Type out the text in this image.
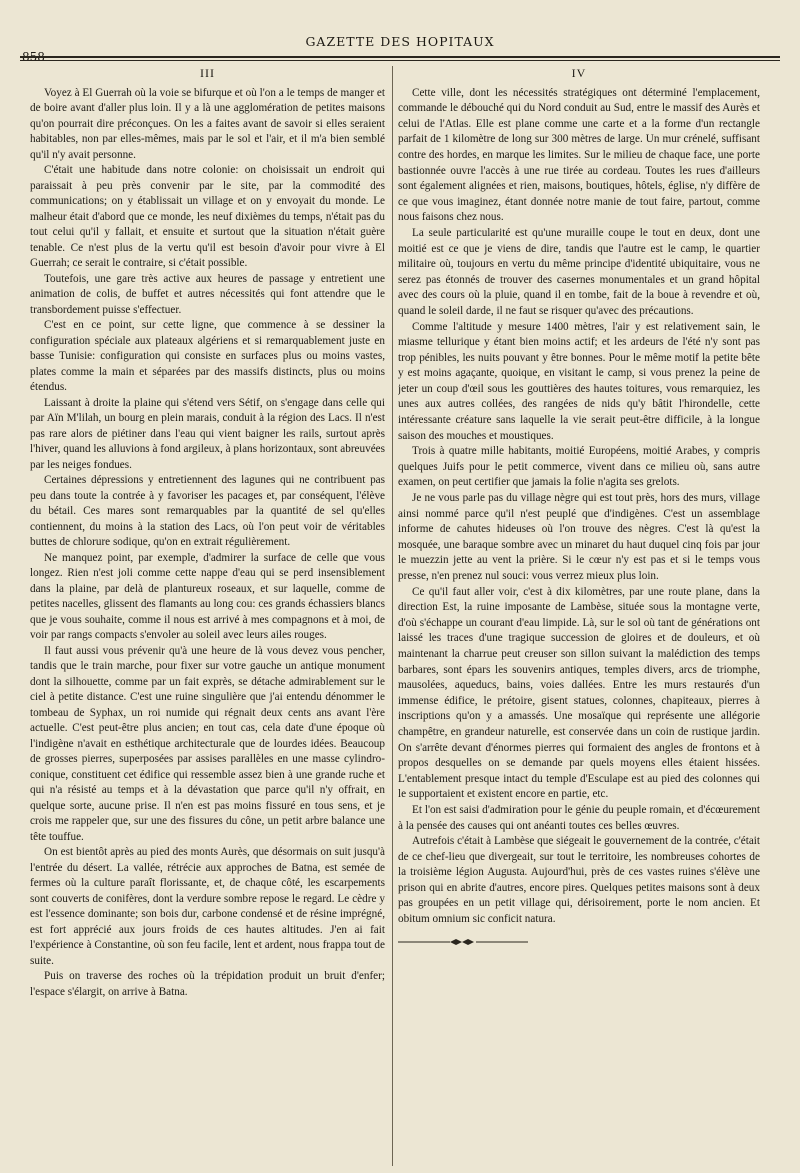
GAZETTE DES HOPITAUX
III

Voyez à El Guerrah où la voie se bifurque et où l'on a le temps de manger et de boire avant d'aller plus loin. Il y a là une agglomération de petites maisons qu'on pourrait dire préconçues. On les a faites avant de savoir si elles seraient habitables, non par elles-mêmes, mais par le sol et l'air, et il m'a bien semblé qu'il n'y avait personne.

C'était une habitude dans notre colonie: on choisissait un endroit qui paraissait à peu près convenir par le site, par la commodité des communications; on y établissait un village et on y envoyait du monde. Le malheur était d'abord que ce monde, les neuf dixièmes du temps, n'était pas du tout celui qu'il y fallait, et ensuite et surtout que la situation n'était guère tenable. Ce n'est plus de la vertu qu'il est besoin d'avoir pour vivre à El Guerrah; ce serait le contraire, si c'était possible.

Toutefois, une gare très active aux heures de passage y entretient une animation de colis, de buffet et autres nécessités qui font attendre que le transbordement puisse s'effectuer.

C'est en ce point, sur cette ligne, que commence à se dessiner la configuration spéciale aux plateaux algériens et si remarquablement juste en basse Tunisie: configuration qui consiste en surfaces plus ou moins vastes, plates comme la main et séparées par des massifs distincts, plus ou moins étendus.

Laissant à droite la plaine qui s'étend vers Sétif, on s'engage dans celle qui par Aïn M'lilah, un bourg en plein marais, conduit à la région des Lacs. Il n'est pas rare alors de piétiner dans l'eau qui vient baigner les rails, surtout après l'hiver, quand les alluvions à fond argileux, à plans horizontaux, sont abreuvées par les neiges fondues.

Certaines dépressions y entretiennent des lagunes qui ne contribuent pas peu dans toute la contrée à y favoriser les pacages et, par conséquent, l'élève du bétail. Ces mares sont remarquables par la quantité de sel qu'elles contiennent, du moins à la station des Lacs, où l'on peut voir de véritables buttes de chlorure sodique, qu'on en extrait régulièrement.

Ne manquez point, par exemple, d'admirer la surface de celle que vous longez. Rien n'est joli comme cette nappe d'eau qui se perd insensiblement dans la plaine, par delà de plantureux roseaux, et sur laquelle, comme de petites nacelles, glissent des flamants au long cou: ces grands échassiers blancs que je vous souhaite, comme il nous est arrivé à mes compagnons et à moi, de voir par rangs compacts s'envoler au soleil avec leurs ailes rouges.

Il faut aussi vous prévenir qu'à une heure de là vous devez vous pencher, tandis que le train marche, pour fixer sur votre gauche un antique monument dont la silhouette, comme par un fait exprès, se détache admirablement sur le ciel à petite distance. C'est une ruine singulière que j'ai entendu dénommer le tombeau de Syphax, un roi numide qui régnait deux cents ans avant l'ère actuelle. C'est peut-être plus ancien; en tout cas, cela date d'une époque où l'indigène n'avait en esthétique architecturale que de lourdes idées. Beaucoup de grosses pierres, superposées par assises parallèles en une masse cylindro-conique, constituent cet édifice qui ressemble assez bien à une grande ruche et qui n'a résisté au temps et à la dévastation que parce qu'il n'y offrait, en quelque sorte, aucune prise. Il n'en est pas moins fissuré en tous sens, et je crois me rappeler que, sur une des fissures du cône, un petit arbre balance une tête touffue.

On est bientôt après au pied des monts Aurès, que désormais on suit jusqu'à l'entrée du désert. La vallée, rétrécie aux approches de Batna, est semée de fermes où la culture paraît florissante, et, de chaque côté, les escarpements sont couverts de conifères, dont la verdure sombre repose le regard. Le cèdre y est l'essence dominante; son bois dur, carbone condensé et de résine imprégné, est fort apprécié aux jours froids de ces hautes altitudes. J'en ai fait l'expérience à Constantine, où son feu facile, lent et ardent, nous frappa tout de suite.

Puis on traverse des roches où la trépidation produit un bruit d'enfer; l'espace s'élargit, on arrive à Batna.

IV

Cette ville, dont les nécessités stratégiques ont déterminé l'emplacement, commande le débouché qui du Nord conduit au Sud, entre le massif des Aurès et celui de l'Atlas. Elle est plane comme une carte et a la forme d'un rectangle parfait de 1 kilomètre de long sur 300 mètres de large. Un mur crénelé, suffisant contre des hordes, en marque les limites. Sur le milieu de chaque face, une porte bastionnée ouvre l'accès à une rue tirée au cordeau. Toutes les rues d'ailleurs sont également alignées et rien, maisons, boutiques, hôtels, église, n'y diffère de ce que vous imaginez, étant donnée notre manie de tout faire, partout, comme nous faisons chez nous.

La seule particularité est qu'une muraille coupe le tout en deux, dont une moitié est ce que je viens de dire, tandis que l'autre est le camp, le quartier militaire où, toujours en vertu du même principe d'identité ubiquitaire, vous ne serez pas étonnés de trouver des casernes monumentales et un grand hôpital avec des cours où la pluie, quand il en tombe, fait de la boue à revendre et où, quand le soleil darde, il ne faut se risquer qu'avec des précautions.

Comme l'altitude y mesure 1400 mètres, l'air y est relativement sain, le miasme tellurique y étant bien moins actif; et les ardeurs de l'été n'y sont pas trop pénibles, les nuits pouvant y être bonnes. Pour le même motif la petite bête y est moins agaçante, quoique, en visitant le camp, si vous prenez la peine de jeter un coup d'œil sous les gouttières des hautes toitures, vous remarquiez, les unes aux autres collées, des rangées de nids qu'y bâtit l'hirondelle, cette intéressante créature sans laquelle la vie serait peut-être difficile, à la longue saison des mouches et moustiques.

Trois à quatre mille habitants, moitié Européens, moitié Arabes, y compris quelques Juifs pour le petit commerce, vivent dans ce milieu où, sans autre examen, on peut certifier que jamais la folie n'agita ses grelots.

Je ne vous parle pas du village nègre qui est tout près, hors des murs, village ainsi nommé parce qu'il n'est peuplé que d'indigènes. C'est un assemblage informe de cahutes hideuses où l'on trouve des nègres. C'est là qu'est la mosquée, une baraque sombre avec un minaret du haut duquel cinq fois par jour le muezzin jette au vent la prière. Si le cœur n'y est pas et si le temps vous presse, n'en prenez nul souci: vous verrez mieux plus loin.

Ce qu'il faut aller voir, c'est à dix kilomètres, par une route plane, dans la direction Est, la ruine imposante de Lambèse, située sous la montagne verte, d'où s'échappe un courant d'eau limpide. Là, sur le sol où tant de générations ont laissé les traces d'une tragique succession de gloires et de douleurs, et où maintenant la charrue peut creuser son sillon suivant la malédiction des temps barbares, sont épars les souvenirs antiques, temples divers, arcs de triomphe, mausolées, aqueducs, bains, voies dallées. Entre les murs restaurés d'un immense édifice, le prétoire, gisent statues, colonnes, chapiteaux, pierres à inscriptions qu'on y a amassés. Une mosaïque qui représente une allégorie champêtre, en grandeur naturelle, est conservée dans un coin de rustique jardin. On s'arrête devant d'énormes pierres qui formaient des angles de frontons et à propos desquelles on se demande par quels moyens elles étaient hissées. L'entablement presque intact du temple d'Esculape est au pied des colonnes qui le supportaient et existent encore en partie, etc.

Et l'on est saisi d'admiration pour le génie du peuple romain, et d'écœurement à la pensée des causes qui ont anéanti toutes ces belles œuvres.

Autrefois c'était à Lambèse que siégeait le gouvernement de la contrée, c'était de ce chef-lieu que divergeait, sur tout le territoire, les nombreuses cohortes de la troisième légion Augusta. Aujourd'hui, près de ces vastes ruines s'élève une prison qui en abrite d'autres, encore pires. Quelques petites maisons sont à deux pas groupées en un petit village qui, dérisoirement, porte le nom ancien. Et obitum omnium sic conficit natura.
